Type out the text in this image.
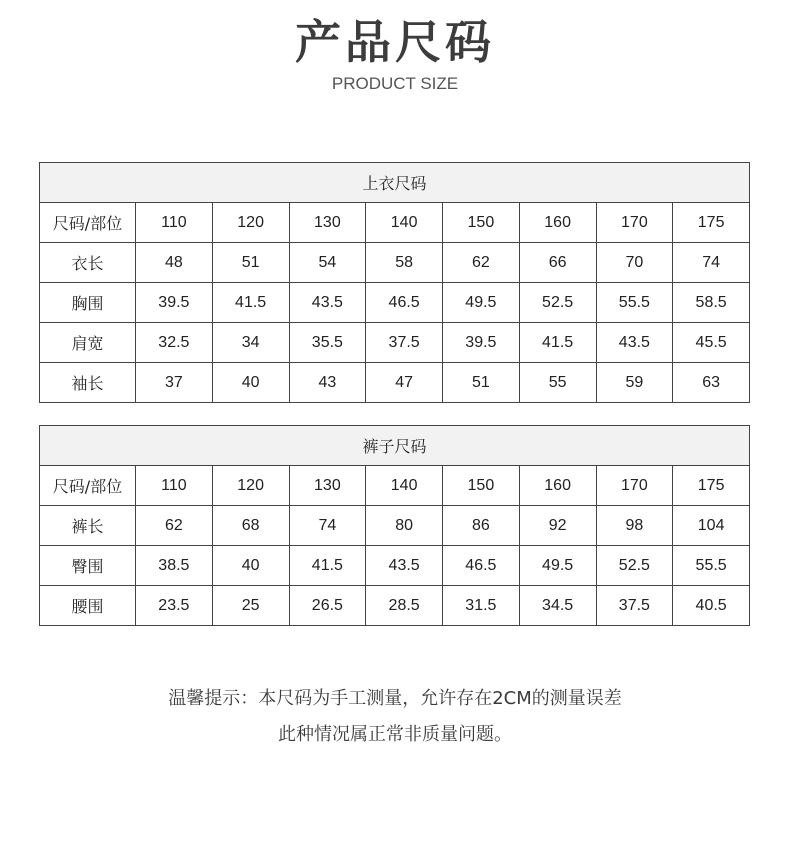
产品尺码
PRODUCT SIZE
上衣尺码								
尺码/部位	110	120	130	140	150	160	170	175
衣长	48	51	54	58	62	66	70	74
胸围	39.5	41.5	43.5	46.5	49.5	52.5	55.5	58.5
肩宽	32.5	34	35.5	37.5	39.5	41.5	43.5	45.5
袖长	37	40	43	47	51	55	59	63
裤子尺码								
尺码/部位	110	120	130	140	150	160	170	175
裤长	62	68	74	80	86	92	98	104
臀围	38.5	40	41.5	43.5	46.5	49.5	52.5	55.5
腰围	23.5	25	26.5	28.5	31.5	34.5	37.5	40.5
温馨提示：本尺码为手工测量，允许存在2CM的测量误差
此种情况属正常非质量问题。
